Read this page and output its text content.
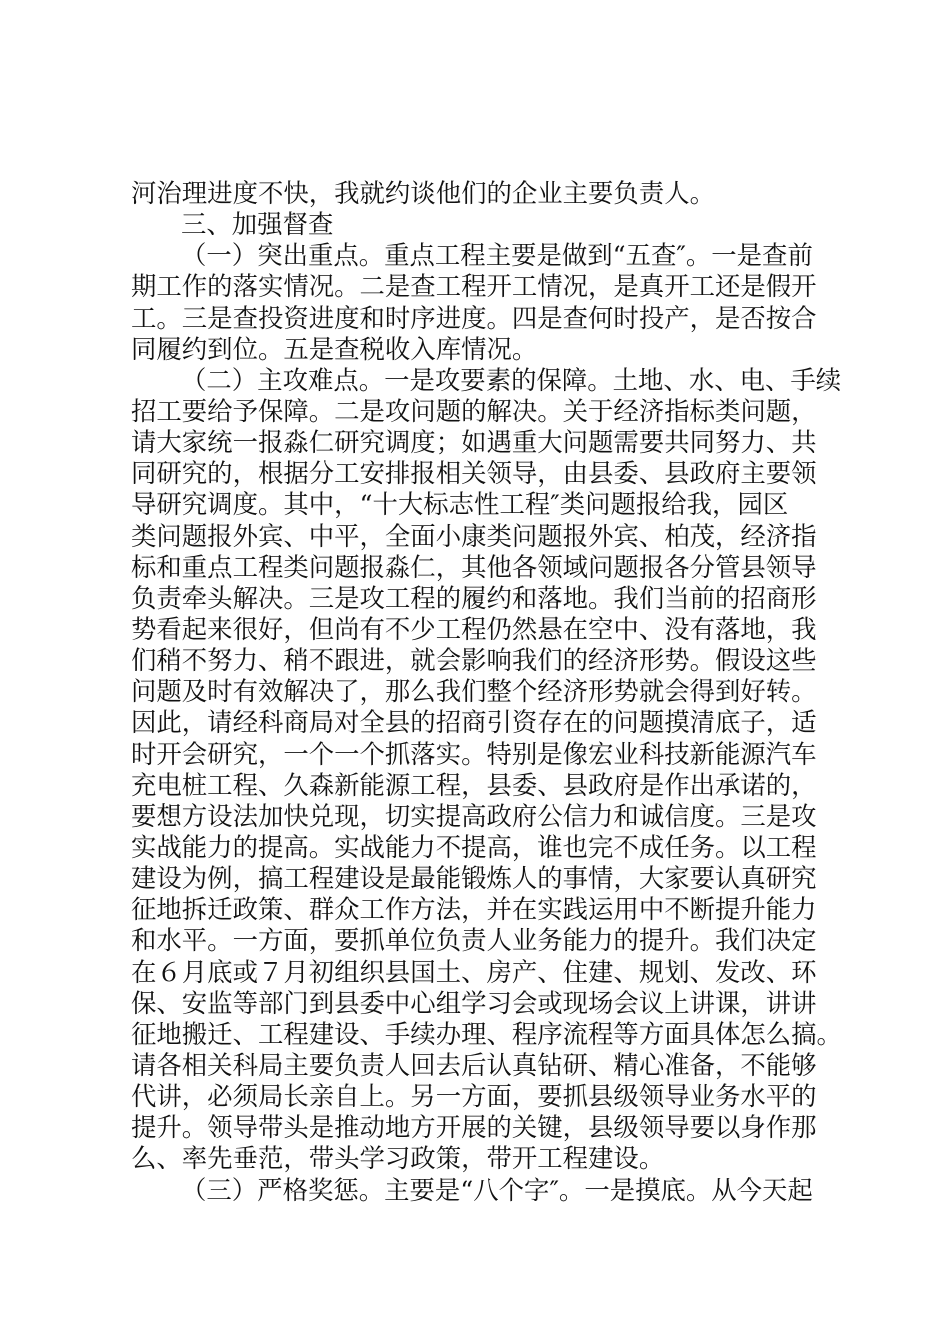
河治理进度不快，我就约谈他们的企业主要负责人。
三、加强督查
（一）突出重点。重点工程主要是做到“五查″。一是查前
期工作的落实情况。二是查工程开工情况，是真开工还是假开
工。三是查投资进度和时序进度。四是查何时投产，是否按合
同履约到位。五是查税收入库情况。
（二）主攻难点。一是攻要素的保障。土地、水、电、手续
招工要给予保障。二是攻问题的解决。关于经济指标类问题，
请大家统一报淼仁研究调度；如遇重大问题需要共同努力、共
同研究的，根据分工安排报相关领导，由县委、县政府主要领
导研究调度。其中，“十大标志性工程″类问题报给我，园区
类问题报外宾、中平，全面小康类问题报外宾、柏茂，经济指
标和重点工程类问题报淼仁，其他各领域问题报各分管县领导
负责牵头解决。三是攻工程的履约和落地。我们当前的招商形
势看起来很好，但尚有不少工程仍然悬在空中、没有落地，我
们稍不努力、稍不跟进，就会影响我们的经济形势。假设这些
问题及时有效解决了，那么我们整个经济形势就会得到好转。
因此，请经科商局对全县的招商引资存在的问题摸清底子，适
时开会研究，一个一个抓落实。特别是像宏业科技新能源汽车
充电桩工程、久森新能源工程，县委、县政府是作出承诺的，
要想方设法加快兑现，切实提高政府公信力和诚信度。三是攻
实战能力的提高。实战能力不提高，谁也完不成任务。以工程
建设为例，搞工程建设是最能锻炼人的事情，大家要认真研究
征地拆迁政策、群众工作方法，并在实践运用中不断提升能力
和水平。一方面，要抓单位负责人业务能力的提升。我们决定
在６月底或７月初组织县国土、房产、住建、规划、发改、环
保、安监等部门到县委中心组学习会或现场会议上讲课，讲讲
征地搬迁、工程建设、手续办理、程序流程等方面具体怎么搞。
请各相关科局主要负责人回去后认真钻研、精心准备，不能够
代讲，必须局长亲自上。另一方面，要抓县级领导业务水平的
提升。领导带头是推动地方开展的关键，县级领导要以身作那
么、率先垂范，带头学习政策，带开工程建设。
（三）严格奖惩。主要是“八个字″。一是摸底。从今天起
